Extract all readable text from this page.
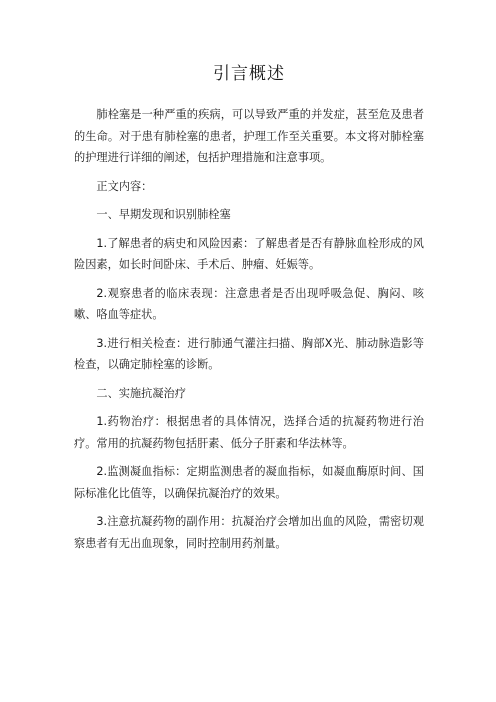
引言概述

肺栓塞是一种严重的疾病，可以导致严重的并发症，甚至危及患者的生命。对于患有肺栓塞的患者，护理工作至关重要。本文将对肺栓塞的护理进行详细的阐述，包括护理措施和注意事项。

正文内容：

一、早期发现和识别肺栓塞

1.了解患者的病史和风险因素：了解患者是否有静脉血栓形成的风险因素，如长时间卧床、手术后、肿瘤、妊娠等。

2.观察患者的临床表现：注意患者是否出现呼吸急促、胸闷、咳嗽、咯血等症状。

3.进行相关检查：进行肺通气灌注扫描、胸部X光、肺动脉造影等检查，以确定肺栓塞的诊断。

二、实施抗凝治疗

1.药物治疗：根据患者的具体情况，选择合适的抗凝药物进行治疗。常用的抗凝药物包括肝素、低分子肝素和华法林等。

2.监测凝血指标：定期监测患者的凝血指标，如凝血酶原时间、国际标准化比值等，以确保抗凝治疗的效果。

3.注意抗凝药物的副作用：抗凝治疗会增加出血的风险，需密切观察患者有无出血现象，同时控制用药剂量。
